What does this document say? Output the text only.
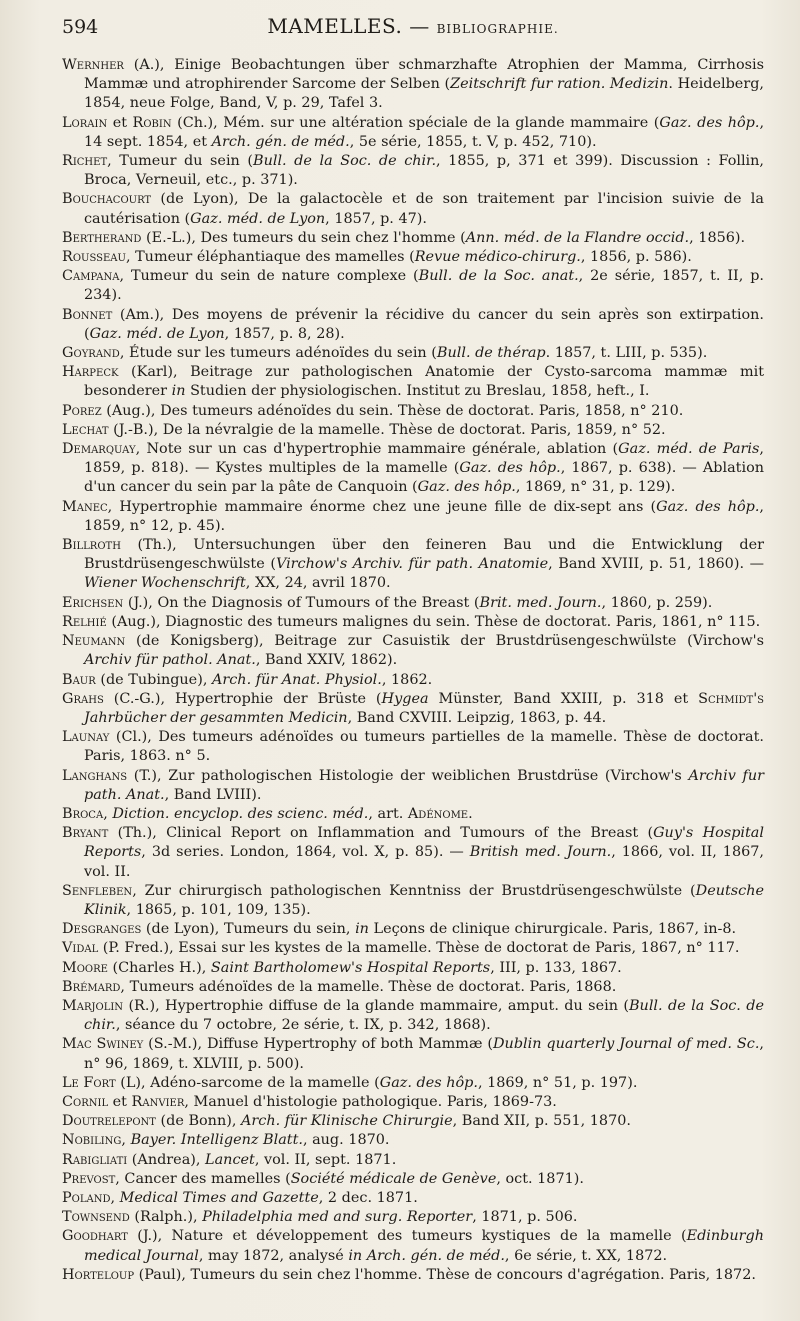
594	MAMELLES. — BIBLIOGRAPHIE.

Wernher (A.), Einige Beobachtungen über schmarzhafte Atrophien der Mamma, Cirrhosis Mammæ und atrophirender Sarcome der Selben (Zeitschrift fur ration. Medizin. Heidelberg, 1854, neue Folge, Band, V, p. 29, Tafel 3.

Lorain et Robin (Ch.), Mém. sur une altération spéciale de la glande mammaire (Gaz. des hôp., 14 sept. 1854, et Arch. gén. de méd., 5e série, 1855, t. V, p. 452, 710).

Richet, Tumeur du sein (Bull. de la Soc. de chir., 1855, p, 371 et 399). Discussion : Follin, Broca, Verneuil, etc., p. 371).

Bouchacourt (de Lyon), De la galactocèle et de son traitement par l'incision suivie de la cautérisation (Gaz. méd. de Lyon, 1857, p. 47).

Bertherand (E.-L.), Des tumeurs du sein chez l'homme (Ann. méd. de la Flandre occid., 1856).

Rousseau, Tumeur éléphantiaque des mamelles (Revue médico-chirurg., 1856, p. 586).

Campana, Tumeur du sein de nature complexe (Bull. de la Soc. anat., 2e série, 1857, t. II, p. 234).

Bonnet (Am.), Des moyens de prévenir la récidive du cancer du sein après son extirpation. (Gaz. méd. de Lyon, 1857, p. 8, 28).

Goyrand, Étude sur les tumeurs adénoïdes du sein (Bull. de thérap. 1857, t. LIII, p. 535).

Harpeck (Karl), Beitrage zur pathologischen Anatomie der Cysto-sarcoma mammæ mit besonderer in Studien der physiologischen. Institut zu Breslau, 1858, heft., I.

Porez (Aug.), Des tumeurs adénoïdes du sein. Thèse de doctorat. Paris, 1858, n° 210.

Lechat (J.-B.), De la névralgie de la mamelle. Thèse de doctorat. Paris, 1859, n° 52.

Demarquay, Note sur un cas d'hypertrophie mammaire générale, ablation (Gaz. méd. de Paris, 1859, p. 818). — Kystes multiples de la mamelle (Gaz. des hôp., 1867, p. 638). — Ablation d'un cancer du sein par la pâte de Canquoin (Gaz. des hôp., 1869, n° 31, p. 129).

Manec, Hypertrophie mammaire énorme chez une jeune fille de dix-sept ans (Gaz. des hôp., 1859, n° 12, p. 45).

Billroth (Th.), Untersuchungen über den feineren Bau und die Entwicklung der Brustdrüsengeschwülste (Virchow's Archiv. für path. Anatomie, Band XVIII, p. 51, 1860). — Wiener Wochenschrift, XX, 24, avril 1870.

Erichsen (J.), On the Diagnosis of Tumours of the Breast (Brit. med. Journ., 1860, p. 259).

Relhié (Aug.), Diagnostic des tumeurs malignes du sein. Thèse de doctorat. Paris, 1861, n° 115.

Neumann (de Konigsberg), Beitrage zur Casuistik der Brustdrüsengeschwülste (Virchow's Archiv für pathol. Anat., Band XXIV, 1862).

Baur (de Tubingue), Arch. für Anat. Physiol., 1862.

Grahs (C.-G.), Hypertrophie der Brüste (Hygea Münster, Band XXIII, p. 318 et Schmidt's Jahrbücher der gesammten Medicin, Band CXVIII. Leipzig, 1863, p. 44.

Launay (Cl.), Des tumeurs adénoïdes ou tumeurs partielles de la mamelle. Thèse de doctorat. Paris, 1863. n° 5.

Langhans (T.), Zur pathologischen Histologie der weiblichen Brustdrüse (Virchow's Archiv fur path. Anat., Band LVIII).

Broca, Diction. encyclop. des scienc. méd., art. Adénome.

Bryant (Th.), Clinical Report on Inflammation and Tumours of the Breast (Guy's Hospital Reports, 3d series. London, 1864, vol. X, p. 85). — British med. Journ., 1866, vol. II, 1867, vol. II.

Senfleben, Zur chirurgisch pathologischen Kenntniss der Brustdrüsengeschwülste (Deutsche Klinik, 1865, p. 101, 109, 135).

Desgranges (de Lyon), Tumeurs du sein, in Leçons de clinique chirurgicale. Paris, 1867, in-8.

Vidal (P. Fred.), Essai sur les kystes de la mamelle. Thèse de doctorat de Paris, 1867, n° 117.

Moore (Charles H.), Saint Bartholomew's Hospital Reports, III, p. 133, 1867.

Brémard, Tumeurs adénoïdes de la mamelle. Thèse de doctorat. Paris, 1868.

Marjolin (R.), Hypertrophie diffuse de la glande mammaire, amput. du sein (Bull. de la Soc. de chir., séance du 7 octobre, 2e série, t. IX, p. 342, 1868).

Mac Swiney (S.-M.), Diffuse Hypertrophy of both Mammæ (Dublin quarterly Journal of med. Sc., n° 96, 1869, t. XLVIII, p. 500).

Le Fort (L), Adéno-sarcome de la mamelle (Gaz. des hôp., 1869, n° 51, p. 197).

Cornil et Ranvier, Manuel d'histologie pathologique. Paris, 1869-73.

Doutrelepont (de Bonn), Arch. für Klinische Chirurgie, Band XII, p. 551, 1870.

Nobiling, Bayer. Intelligenz Blatt., aug. 1870.

Rabigliati (Andrea), Lancet, vol. II, sept. 1871.

Prevost, Cancer des mamelles (Société médicale de Genève, oct. 1871).

Poland, Medical Times and Gazette, 2 dec. 1871.

Townsend (Ralph.), Philadelphia med and surg. Reporter, 1871, p. 506.

Goodhart (J.), Nature et développement des tumeurs kystiques de la mamelle (Edinburgh medical Journal, may 1872, analysé in Arch. gén. de méd., 6e série, t. XX, 1872.

Horteloup (Paul), Tumeurs du sein chez l'homme. Thèse de concours d'agrégation. Paris, 1872.
